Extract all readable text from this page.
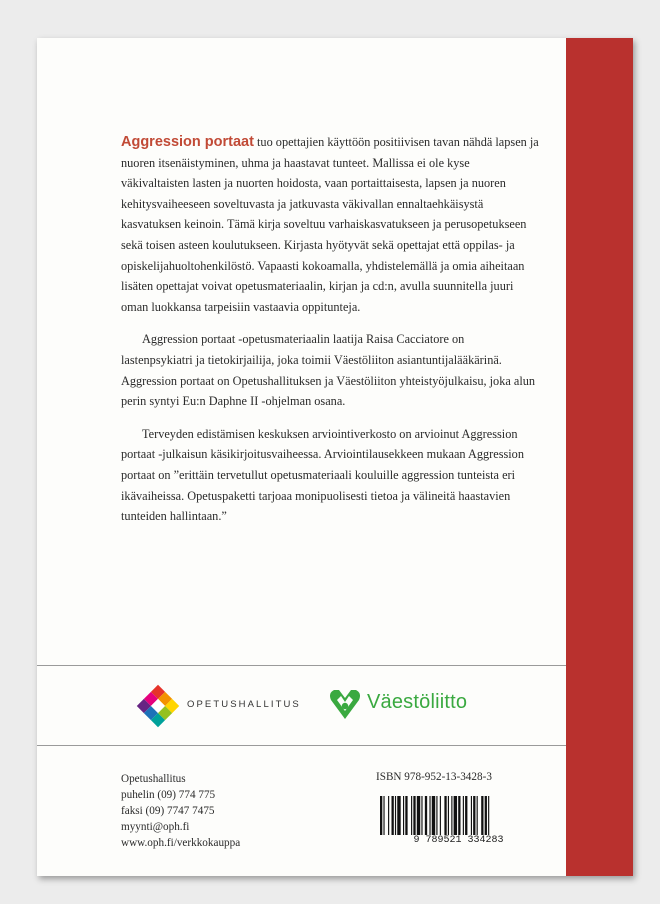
Aggression portaat tuo opettajien käyttöön positiivisen tavan nähdä lapsen ja nuoren itsenäistyminen, uhma ja haastavat tunteet. Mallissa ei ole kyse väkivaltaisten lasten ja nuorten hoidosta, vaan portaittaisesta, lapsen ja nuoren kehitysvaiheeseen soveltuvasta ja jatkuvasta väkivallan ennaltaehkäisystä kasvatuksen keinoin. Tämä kirja soveltuu varhaiskasvatukseen ja perusopetukseen sekä toisen asteen koulutukseen. Kirjasta hyötyvät sekä opettajat että oppilas- ja opiskelijahuoltohenkilöstö. Vapaasti kokoamalla, yhdistelemällä ja omia aiheitaan lisäten opettajat voivat opetusmateriaalin, kirjan ja cd:n, avulla suunnitella juuri oman luokkansa tarpeisiin vastaavia oppitunteja.

Aggression portaat -opetusmateriaalin laatija Raisa Cacciatore on lastenpsykiatri ja tietokirjailija, joka toimii Väestöliiton asiantuntijalääkärinä. Aggression portaat on Opetushallituksen ja Väestöliiton yhteistyöjulkaisu, joka alun perin syntyi Eu:n Daphne II -ohjelman osana.

Terveyden edistämisen keskuksen arviointiverkosto on arvioinut Aggression portaat -julkaisun käsikirjoitusvaiheessa. Arviointilausekkeen mukaan Aggression portaat on ”erittäin tervetullut opetusmateriaali kouluille aggression tunteista eri ikävaiheissa. Opetuspaketti tarjoaa monipuolisesti tietoa ja välineitä haastavien tunteiden hallintaan.”

OPETUSHALLITUS	Väestöliitto
Opetushallitus
puhelin (09) 774 775
faksi (09) 7747 7475
myynti@oph.fi
www.oph.fi/verkkokauppa
ISBN 978-952-13-3428-3
9 789521 334283
